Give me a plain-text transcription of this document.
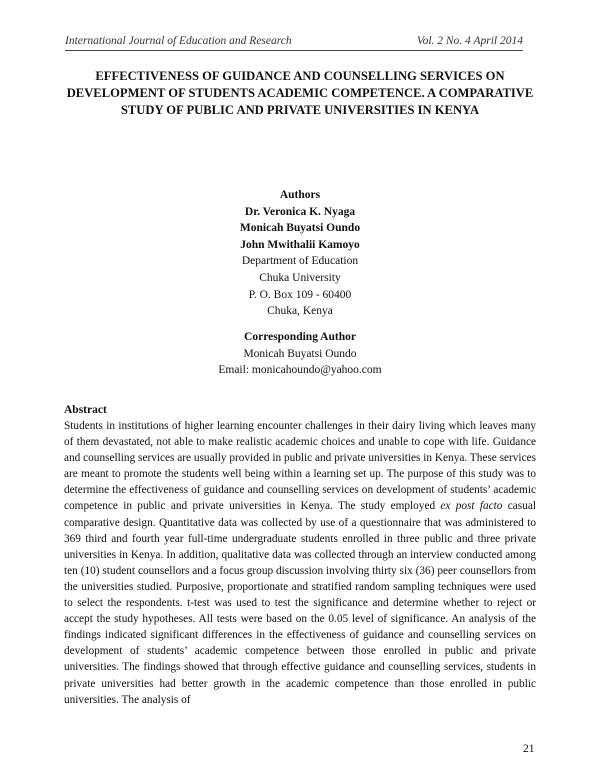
International Journal of Education and Research	Vol. 2 No. 4 April 2014
EFFECTIVENESS OF GUIDANCE AND COUNSELLING SERVICES ON DEVELOPMENT OF STUDENTS ACADEMIC COMPETENCE. A COMPARATIVE STUDY OF PUBLIC AND PRIVATE UNIVERSITIES IN KENYA
Authors
Dr. Veronica K. Nyaga
Monicah Buyatsi Oundo
John Mwithalii Kamoyo
Department of Education
Chuka University
P. O. Box 109 - 60400
Chuka, Kenya
Corresponding Author
Monicah Buyatsi Oundo
Email: monicahoundo@yahoo.com
Abstract

Students in institutions of higher learning encounter challenges in their dairy living which leaves many of them devastated, not able to make realistic academic choices and unable to cope with life. Guidance and counselling services are usually provided in public and private universities in Kenya. These services are meant to promote the students well being within a learning set up. The purpose of this study was to determine the effectiveness of guidance and counselling services on development of students’ academic competence in public and private universities in Kenya. The study employed ex post facto casual comparative design. Quantitative data was collected by use of a questionnaire that was administered to 369 third and fourth year full-time undergraduate students enrolled in three public and three private universities in Kenya. In addition, qualitative data was collected through an interview conducted among ten (10) student counsellors and a focus group discussion involving thirty six (36) peer counsellors from the universities studied. Purposive, proportionate and stratified random sampling techniques were used to select the respondents. t-test was used to test the significance and determine whether to reject or accept the study hypotheses. All tests were based on the 0.05 level of significance. An analysis of the findings indicated significant differences in the effectiveness of guidance and counselling services on development of students’ academic competence between those enrolled in public and private universities. The findings showed that through effective guidance and counselling services, students in private universities had better growth in the academic competence than those enrolled in public universities. The analysis of

21
